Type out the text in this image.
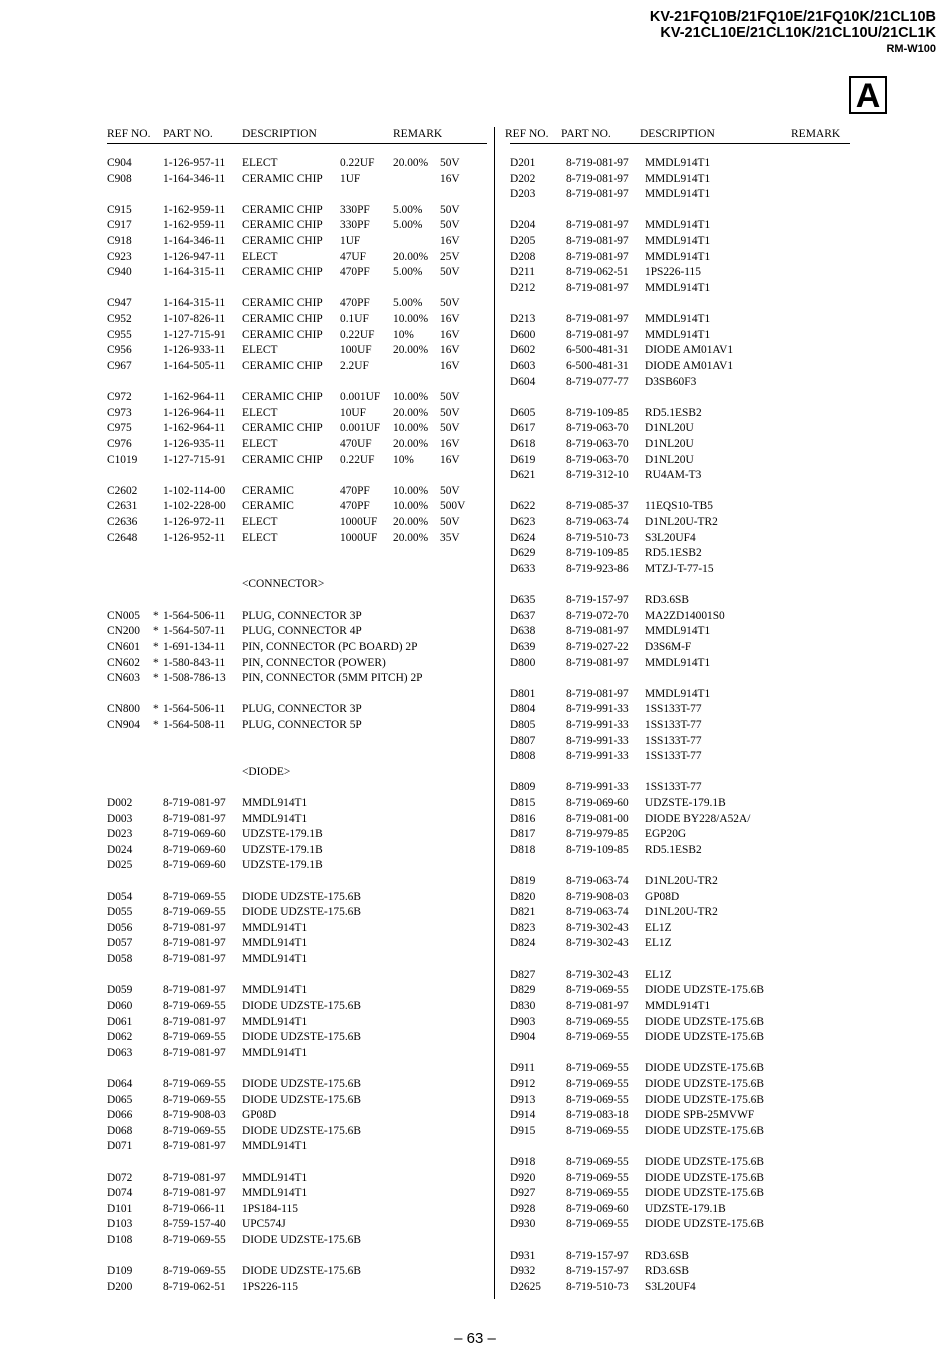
KV-21FQ10B/21FQ10E/21FQ10K/21CL10B
KV-21CL10E/21CL10K/21CL10U/21CL1K
RM-W100
A
REF NO. PART NO.	DESCRIPTION	REMARK
C904	1-126-957-11 ELECT	0.22UF 20.00% 50V
C908	1-164-346-11 CERAMIC CHIP 1UF	16V
C915	1-162-959-11 CERAMIC CHIP 330PF 5.00% 50V
C917	1-162-959-11 CERAMIC CHIP 330PF 5.00% 50V
C918	1-164-346-11 CERAMIC CHIP 1UF	16V
C923	1-126-947-11 ELECT	47UF 20.00% 25V
C940	1-164-315-11 CERAMIC CHIP 470PF 5.00% 50V
C947	1-164-315-11 CERAMIC CHIP 470PF 5.00% 50V
C952	1-107-826-11 CERAMIC CHIP 0.1UF 10.00% 16V
C955	1-127-715-91 CERAMIC CHIP 0.22UF 10% 16V
C956	1-126-933-11 ELECT	100UF 20.00% 16V
C967	1-164-505-11 CERAMIC CHIP 2.2UF	16V
C972	1-162-964-11 CERAMIC CHIP 0.001UF 10.00% 50V
C973	1-126-964-11 ELECT	10UF 20.00% 50V
C975	1-162-964-11 CERAMIC CHIP 0.001UF 10.00% 50V
C976	1-126-935-11 ELECT	470UF 20.00% 16V
C1019 1-127-715-91 CERAMIC CHIP 0.22UF 10% 16V
C2602 1-102-114-00 CERAMIC	470PF 10.00% 50V
C2631 1-102-228-00 CERAMIC	470PF 10.00% 500V
C2636 1-126-972-11 ELECT	1000UF 20.00% 50V
C2648 1-126-952-11 ELECT	1000UF 20.00% 35V
<CONNECTOR>
CN005 * 1-564-506-11 PLUG, CONNECTOR 3P
CN200 * 1-564-507-11 PLUG, CONNECTOR 4P
CN601 * 1-691-134-11 PIN, CONNECTOR (PC BOARD) 2P
CN602 * 1-580-843-11 PIN, CONNECTOR (POWER)
CN603 * 1-508-786-13 PIN, CONNECTOR (5MM PITCH) 2P
CN800 * 1-564-506-11 PLUG, CONNECTOR 3P
CN904 * 1-564-508-11 PLUG, CONNECTOR 5P
<DIODE>
D002	8-719-081-97 MMDL914T1
D003	8-719-081-97 MMDL914T1
D023	8-719-069-60 UDZSTE-179.1B
D024	8-719-069-60 UDZSTE-179.1B
D025	8-719-069-60 UDZSTE-179.1B
D054	8-719-069-55 DIODE UDZSTE-175.6B
D055	8-719-069-55 DIODE UDZSTE-175.6B
D056	8-719-081-97 MMDL914T1
D057	8-719-081-97 MMDL914T1
D058	8-719-081-97 MMDL914T1
D059	8-719-081-97 MMDL914T1
D060	8-719-069-55 DIODE UDZSTE-175.6B
D061	8-719-081-97 MMDL914T1
D062	8-719-069-55 DIODE UDZSTE-175.6B
D063	8-719-081-97 MMDL914T1
D064	8-719-069-55 DIODE UDZSTE-175.6B
D065	8-719-069-55 DIODE UDZSTE-175.6B
D066	8-719-908-03 GP08D
D068	8-719-069-55 DIODE UDZSTE-175.6B
D071	8-719-081-97 MMDL914T1
D072	8-719-081-97 MMDL914T1
D074	8-719-081-97 MMDL914T1
D101	8-719-066-11 1PS184-115
D103	8-759-157-40 UPC574J
D108	8-719-069-55 DIODE UDZSTE-175.6B
D109	8-719-069-55 DIODE UDZSTE-175.6B
D200	8-719-062-51 1PS226-115
REF NO. PART NO.	DESCRIPTION	REMARK
D201	8-719-081-97 MMDL914T1
D202	8-719-081-97 MMDL914T1
D203	8-719-081-97 MMDL914T1
D204	8-719-081-97 MMDL914T1
D205	8-719-081-97 MMDL914T1
D208	8-719-081-97 MMDL914T1
D211	8-719-062-51 1PS226-115
D212	8-719-081-97 MMDL914T1
D213	8-719-081-97 MMDL914T1
D600	8-719-081-97 MMDL914T1
D602	6-500-481-31 DIODE AM01AV1
D603	6-500-481-31 DIODE AM01AV1
D604	8-719-077-77 D3SB60F3
D605	8-719-109-85 RD5.1ESB2
D617	8-719-063-70 D1NL20U
D618	8-719-063-70 D1NL20U
D619	8-719-063-70 D1NL20U
D621	8-719-312-10 RU4AM-T3
D622	8-719-085-37 11EQS10-TB5
D623	8-719-063-74 D1NL20U-TR2
D624	8-719-510-73 S3L20UF4
D629	8-719-109-85 RD5.1ESB2
D633	8-719-923-86 MTZJ-T-77-15
D635	8-719-157-97 RD3.6SB
D637	8-719-072-70 MA2ZD14001S0
D638	8-719-081-97 MMDL914T1
D639	8-719-027-22 D3S6M-F
D800	8-719-081-97 MMDL914T1
D801	8-719-081-97 MMDL914T1
D804	8-719-991-33 1SS133T-77
D805	8-719-991-33 1SS133T-77
D807	8-719-991-33 1SS133T-77
D808	8-719-991-33 1SS133T-77
D809	8-719-991-33 1SS133T-77
D815	8-719-069-60 UDZSTE-179.1B
D816	8-719-081-00 DIODE BY228/A52A/
D817	8-719-979-85 EGP20G
D818	8-719-109-85 RD5.1ESB2
D819	8-719-063-74 D1NL20U-TR2
D820	8-719-908-03 GP08D
D821	8-719-063-74 D1NL20U-TR2
D823	8-719-302-43 EL1Z
D824	8-719-302-43 EL1Z
D827	8-719-302-43 EL1Z
D829	8-719-069-55 DIODE UDZSTE-175.6B
D830	8-719-081-97 MMDL914T1
D903	8-719-069-55 DIODE UDZSTE-175.6B
D904	8-719-069-55 DIODE UDZSTE-175.6B
D911	8-719-069-55 DIODE UDZSTE-175.6B
D912	8-719-069-55 DIODE UDZSTE-175.6B
D913	8-719-069-55 DIODE UDZSTE-175.6B
D914	8-719-083-18 DIODE SPB-25MVWF
D915	8-719-069-55 DIODE UDZSTE-175.6B
D918	8-719-069-55 DIODE UDZSTE-175.6B
D920	8-719-069-55 DIODE UDZSTE-175.6B
D927	8-719-069-55 DIODE UDZSTE-175.6B
D928	8-719-069-60 UDZSTE-179.1B
D930	8-719-069-55 DIODE UDZSTE-175.6B
D931	8-719-157-97 RD3.6SB
D932	8-719-157-97 RD3.6SB
D2625 8-719-510-73 S3L20UF4
– 63 –
